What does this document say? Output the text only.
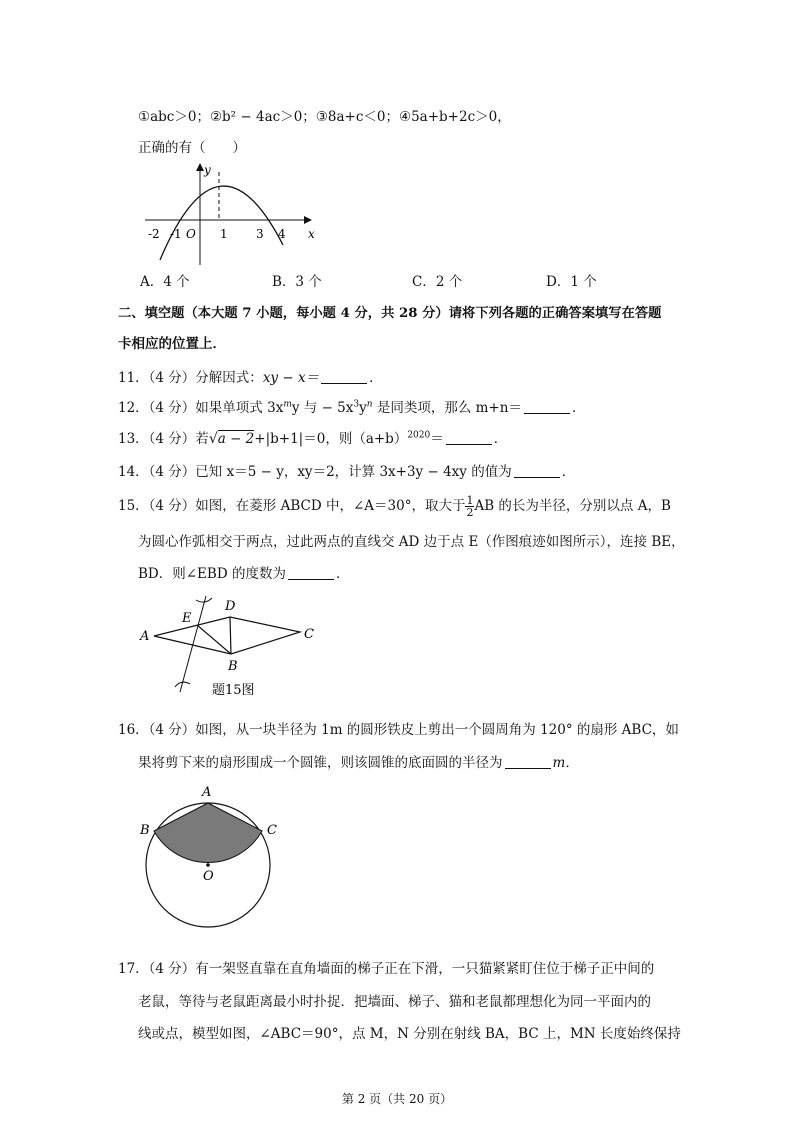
①abc＞0；②b² − 4ac＞0；③8a+c＜0；④5a+b+2c＞0，
正确的有（　　）
y
x
O
-2 -1	1 3 4
A．4 个	B．3 个	C．2 个	D．1 个
二、填空题（本大题 7 小题，每小题 4 分，共 28 分）请将下列各题的正确答案填写在答题
卡相应的位置上．
11．（4 分）分解因式：xy − x＝	．
12．（4 分）如果单项式 $3x^my$ 与 − $5x^3y^n$ 是同类项，那么 m+n＝	．
13．（4 分）若√a − 2+|b+1|＝0，则$(a+b)^{2020}=$	．
14．（4 分）已知 x＝5 − y，xy＝2，计算 3x+3y − 4xy 的值为	．
15．（4 分）如图，在菱形 ABCD 中，∠A＝30°，取大于 $\frac{1}{2}$ AB 的长为半径，分别以点 A，B
为圆心作弧相交于两点，过此两点的直线交 AD 边于点 E（作图痕迹如图所示），连接 BE，
BD．则∠EBD 的度数为	．
A
E
D
C
B
题15图
16．（4 分）如图，从一块半径为 1m 的圆形铁皮上剪出一个圆周角为 120° 的扇形 ABC，如
果将剪下来的扇形围成一个圆锥，则该圆锥的底面圆的半径为	m．
A
B	C
O
17．（4 分）有一架竖直靠在直角墙面的梯子正在下滑，一只猫紧紧盯住位于梯子正中间的
老鼠，等待与老鼠距离最小时扑捉．把墙面、梯子、猫和老鼠都理想化为同一平面内的
线或点，模型如图，∠ABC＝90°，点 M，N 分别在射线 BA，BC 上，MN 长度始终保持
第 2 页（共 20 页）
